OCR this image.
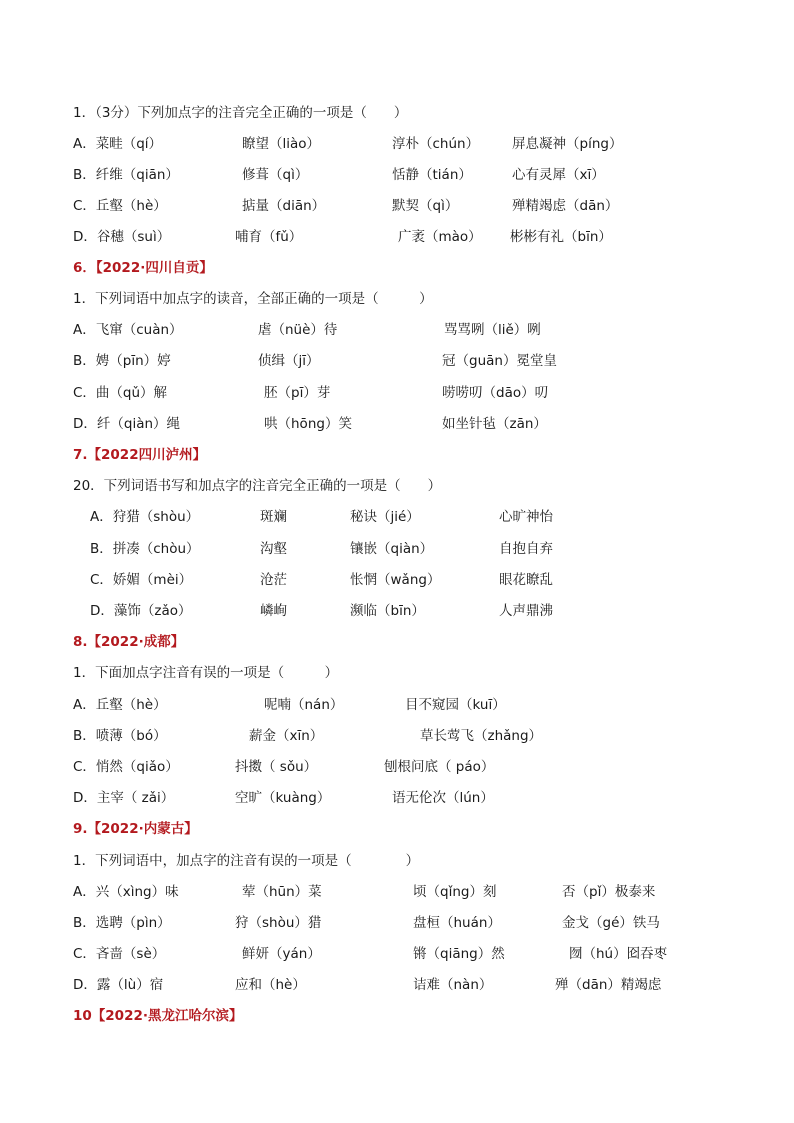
1．（3分）下列加点字的注音完全正确的一项是（　　）
A．菜畦（qí）	瞭望（liào）	淳朴（chún） 屏息凝神（píng）
B．纤维（qiān）	修葺（qì）	恬静（tián）	心有灵犀（xī）
C．丘壑（hè）	掂量（diān）	默契（qì）	殚精竭虑（dān）
D．谷穗（suì）	哺育（fǔ）	广袤（mào） 彬彬有礼（bīn）
6．【2022·四川自贡】
1．下列词语中加点字的读音，全部正确的一项是（　　　）
A．飞窜（cuàn）	虐（nüè）待	骂骂咧（liě）咧
B．娉（pīn）婷	侦缉（jī）	冠（guān）冕堂皇
C．曲（qǔ）解	胚（pī）芽	唠唠叨（dāo）叨
D．纤（qiàn）绳	哄（hōng）笑	如坐针毡（zān）
7.【2022四川泸州】
20．下列词语书写和加点字的注音完全正确的一项是（　　）
A．狩猎（shòu）	斑斓	秘诀（jié）	心旷神怡
B．拼凑（chòu）	沟壑	镶嵌（qiàn）	自抱自弃
C．娇媚（mèi）	沧茫	怅惘（wǎng）	眼花瞭乱
D．藻饰（zǎo）	嶙峋	濒临（bīn）	人声鼎沸
8.【2022·成都】
1．下面加点字注音有误的一项是（　　　）
A．丘壑（hè）	呢喃（nán）	目不窥园（kuī）
B．喷薄（bó）	薪金（xīn）	草长莺飞（zhǎng）
C．悄然（qiǎo）	抖擞（ sǒu）	刨根问底（ páo）
D．主宰（ zǎi）	空旷（kuàng）	语无伦次（lún）
9.【2022·内蒙古】
1．下列词语中，加点字的注音有误的一项是（　　　　）
A．兴（xìng）味	荤（hūn）菜	顷（qǐng）刻	否（pǐ）极泰来
B．选聘（pìn）	狩（shòu）猎	盘桓（huán）	金戈（gé）铁马
C．吝啬（sè）	鲜妍（yán）	锵（qiāng）然	囫（hú）囵吞枣
D．露（lù）宿	应和（hè）	诘难（nàn）	殚（dān）精竭虑
10【2022·黑龙江哈尔滨】
